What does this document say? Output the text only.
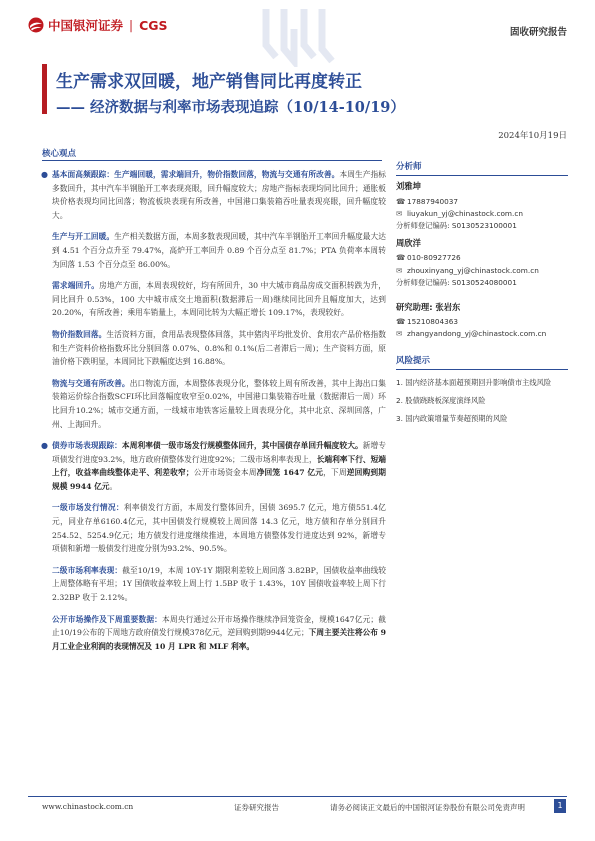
中国银河证券 | CGS	固收研究报告
生产需求双回暖，地产销售同比再度转正
—— 经济数据与利率市场表现追踪（10/14-10/19）
2024年10月19日
核心观点

● 基本面高频跟踪：生产端回暖，需求端回升，物价指数回落，物流与交通有所改善。本周生产指标多数回升，其中汽车半钢胎开工率表现亮眼，回升幅度较大；房地产指标表现均同比回升；通胀板块价格表现均同比回落；物流板块表现有所改善，中国港口集装箱吞吐量表现亮眼，回升幅度较大。

生产与开工回暖。生产相关数据方面，本周多数表现回暖，其中汽车半钢胎开工率回升幅度最大达到 4.51 个百分点升至 79.47%，高炉开工率回升 0.89 个百分点至 81.7%；PTA 负荷率本周转为回落 1.53 个百分点至 86.00%。

需求端回升。房地产方面，本周表现较好，均有所回升，30 中大城市商品房成交面积转跌为升，同比回升 0.53%，100 大中城市成交土地面积(数据滞后一周)继续同比回升且幅度加大，达到 20.20%，有所改善；乘用车销量上，本周同比转为大幅正增长 109.17%，表现较好。

物价指数回落。生活资料方面，食用品表现整体回落，其中猪肉平均批发价、食用农产品价格指数和生产资料价格指数环比分别回落 0.07%、0.8%和 0.1%(后二者滞后一周)；生产资料方面，原油价格下跌明显，本周同比下跌幅度达到 16.88%。

物流与交通有所改善。出口物流方面，本周整体表现分化，整体较上周有所改善，其中上海出口集装箱运价综合指数SCFI环比回落幅度收窄至0.02%，中国港口集装箱吞吐量（数据滞后一周）环比回升10.2%；城市交通方面，一线城市地铁客运量较上周表现分化，其中北京、深圳回落，广州、上海回升。

● 债券市场表现跟踪：本周利率债一级市场发行规模整体回升，其中国债存单回升幅度较大。新增专项债发行进度93.2%，地方政府债整体发行进度92%；二级市场利率表现上，长端利率下行、短端上行，收益率曲线整体走平、利差收窄；公开市场资金本周净回笼 1647 亿元，下周逆回购到期规模 9944 亿元。

一级市场发行情况：利率债发行方面，本周发行整体回升，国债 3695.7 亿元，地方债551.4亿元，同业存单6160.4亿元，其中国债发行规模较上周回落 14.3 亿元，地方债和存单分别回升 254.52、5254.9亿元；地方债发行进度继续推进，本周地方债整体发行进度达到 92%，新增专项债和新增一般债发行进度分别为93.2%、90.5%。

二级市场利率表现：截至10/19，本周 10Y-1Y 期限利差较上周回落 3.82BP，国债收益率曲线较上周整体略有平坦；1Y 国债收益率较上周上行 1.5BP 收于 1.43%，10Y 国债收益率较上周下行 2.32BP 收于 2.12%。

公开市场操作及下周重要数据：本周央行通过公开市场操作继续净回笼资金，规模1647亿元；截止10/19公布的下周地方政府债发行规模378亿元，逆回购到期9944亿元；下周主要关注将公布 9 月工业企业利润的表现情况及 10 月 LPR 和 MLF 利率。

分析师
刘雅坤
☎ 17887940037
✉ liuyakun_yj@chinastock.com.cn
分析师登记编码: S0130523100001
周欣洋
☎ 010-80927726
✉ zhouxinyang_yj@chinastock.com.cn
分析师登记编码: S0130524080001
研究助理: 张岩东
☎ 15210804363
✉ zhangyandong_yj@chinastock.com.cn
风险提示
1. 国内经济基本面超预期回升影响债市主线风险
2. 股债跷跷板深度演绎风险
3. 国内政策增量节奏超预期的风险
www.chinastock.com.cn	证券研究报告	请务必阅读正文最后的中国银河证券股份有限公司免责声明	1
